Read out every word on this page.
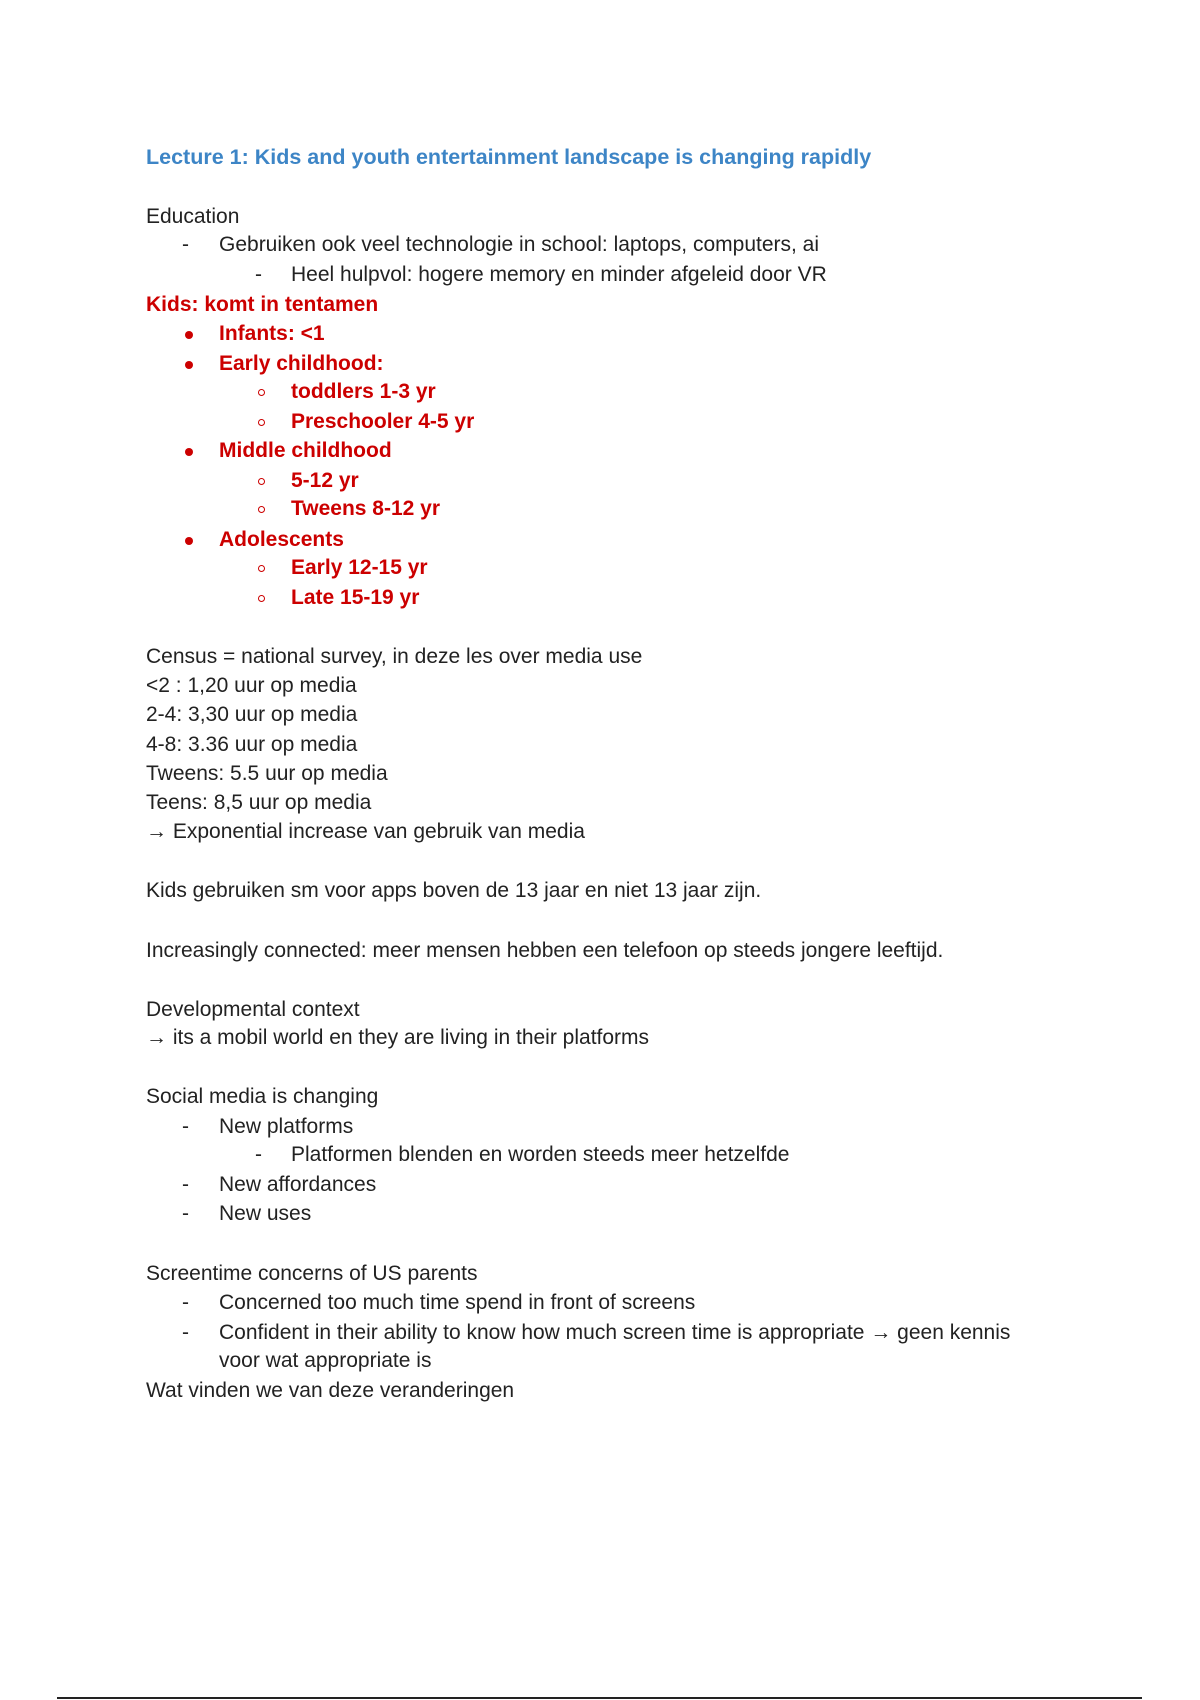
Lecture 1: Kids and youth entertainment landscape is changing rapidly
Education
- Gebruiken ook veel technologie in school: laptops, computers, ai
- Heel hulpvol: hogere memory en minder afgeleid door VR
Kids: komt in tentamen
Infants: <1
Early childhood:
toddlers 1-3 yr
Preschooler 4-5 yr
Middle childhood
5-12 yr
Tweens 8-12 yr
Adolescents
Early 12-15 yr
Late 15-19 yr
Census = national survey, in deze les over media use
<2 : 1,20 uur op media
2-4: 3,30 uur op media
4-8: 3.36 uur op media
Tweens: 5.5 uur op media
Teens: 8,5 uur op media
→ Exponential increase van gebruik van media
Kids gebruiken sm voor apps boven de 13 jaar en niet 13 jaar zijn.
Increasingly connected: meer mensen hebben een telefoon op steeds jongere leeftijd.
Developmental context
→ its a mobil world en they are living in their platforms
Social media is changing
- New platforms
- Platformen blenden en worden steeds meer hetzelfde
- New affordances
- New uses
Screentime concerns of US parents
- Concerned too much time spend in front of screens
- Confident in their ability to know how much screen time is appropriate → geen kennis
voor wat appropriate is
Wat vinden we van deze veranderingen
